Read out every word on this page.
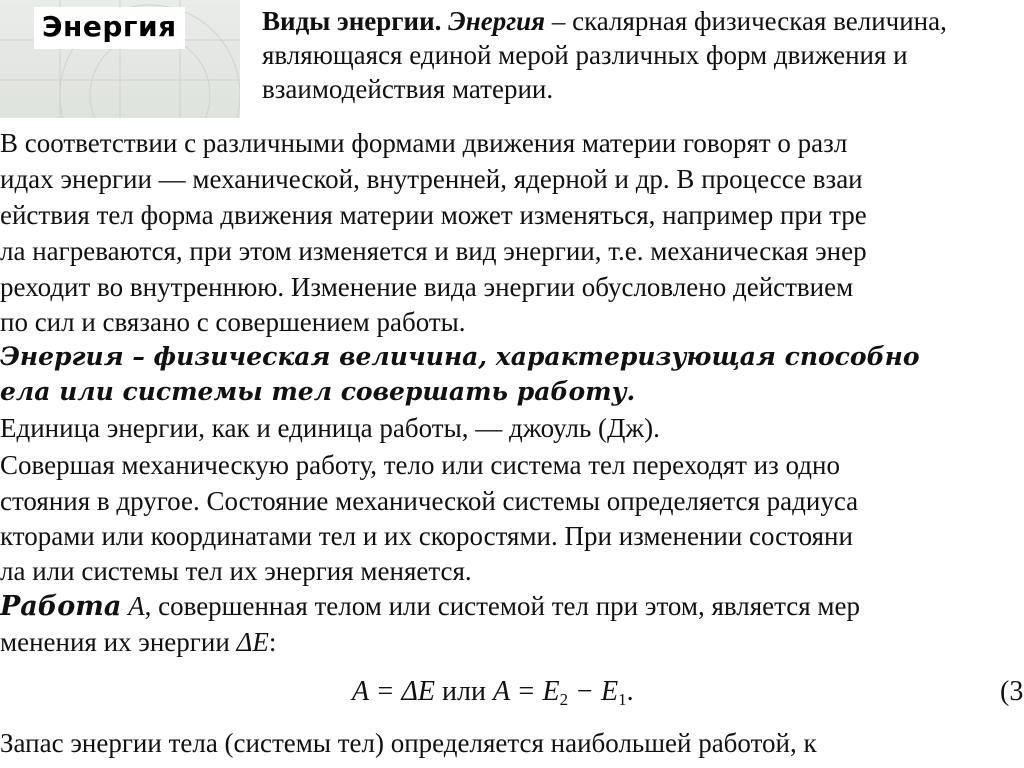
Энергия	Виды энергии. Энергия – скалярная физическая величина, являющаяся единой мерой различных форм движения и взаимодействия материи.
В соответствии с различными формами движения материи говорят о разл
идах энергии — механической, внутренней, ядерной и др. В процессе взаи
ействия тел форма движения материи может изменяться, например при тре
ла нагреваются, при этом изменяется и вид энергии, т.е. механическая энер
реходит во внутреннюю. Изменение вида энергии обусловлено действием
по сил и связано с совершением работы.
Энергия – физическая величина, характеризующая способно
ела или системы тел совершать работу.
Единица энергии, как и единица работы, — джоуль (Дж).
Совершая механическую работу, тело или система тел переходят из одно
стояния в другое. Состояние механической системы определяется радиуса
кторами или координатами тел и их скоростями. При изменении состояни
ла или системы тел их энергия меняется.
Работа A, совершенная телом или системой тел при этом, является мер
менения их энергии ΔE:
A = ΔE или $A = E_2 - E_1$.	(3
Запас энергии тела (системы тел) определяется наибольшей работой, к
